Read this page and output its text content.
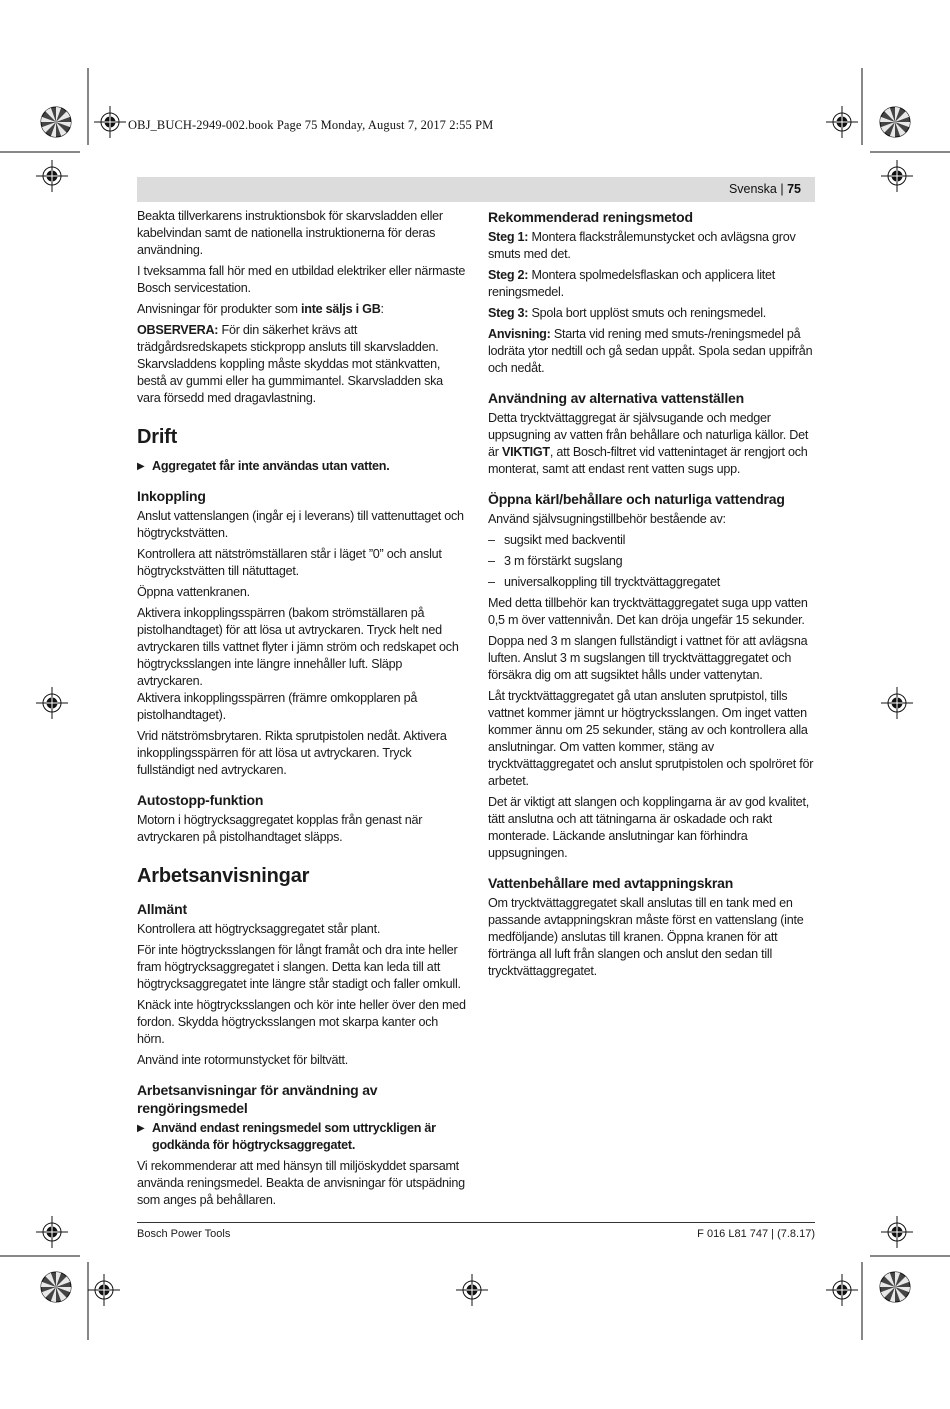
OBJ_BUCH-2949-002.book Page 75 Monday, August 7, 2017 2:55 PM
Svenska | 75

Beakta tillverkarens instruktionsbok för skarvsladden eller kabelvindan samt de nationella instruktionerna för deras användning.

I tveksamma fall hör med en utbildad elektriker eller närmaste Bosch servicestation.

Anvisningar för produkter som inte säljs i GB:

OBSERVERA: För din säkerhet krävs att trädgårdsredskapets stickpropp ansluts till skarvsladden. Skarvsladdens koppling måste skyddas mot stänkvatten, bestå av gummi eller ha gummimantel. Skarvsladden ska vara försedd med dragavlastning.

Drift
▶ Aggregatet får inte användas utan vatten.
Inkoppling

Anslut vattenslangen (ingår ej i leverans) till vattenuttaget och högtryckstvätten.

Kontrollera att nätströmställaren står i läget ”0” och anslut högtryckstvätten till nätuttaget.

Öppna vattenkranen.

Aktivera inkopplingsspärren (bakom strömställaren på pistolhandtaget) för att lösa ut avtryckaren. Tryck helt ned avtryckaren tills vattnet flyter i jämn ström och redskapet och högtrycksslangen inte längre innehåller luft. Släpp avtryckaren.

Aktivera inkopplingsspärren (främre omkopplaren på pistolhandtaget).

Vrid nätströmsbrytaren. Rikta sprutpistolen nedåt. Aktivera inkopplingsspärren för att lösa ut avtryckaren. Tryck fullständigt ned avtryckaren.

Autostopp-funktion

Motorn i högtrycksaggregatet kopplas från genast när avtryckaren på pistolhandtaget släpps.

Arbetsanvisningar
Allmänt

Kontrollera att högtrycksaggregatet står plant.

För inte högtrycksslangen för långt framåt och dra inte heller fram högtrycksaggregatet i slangen. Detta kan leda till att högtrycksaggregatet inte längre står stadigt och faller omkull.

Knäck inte högtrycksslangen och kör inte heller över den med fordon. Skydda högtrycksslangen mot skarpa kanter och hörn.

Använd inte rotormunstycket för biltvätt.

Arbetsanvisningar för användning av rengöringsmedel
▶ Använd endast reningsmedel som uttryckligen är godkända för högtrycksaggregatet.

Vi rekommenderar att med hänsyn till miljöskyddet sparsamt använda reningsmedel. Beakta de anvisningar för utspädning som anges på behållaren.

Rekommenderad reningsmetod

Steg 1: Montera flackstrålemunstycket och avlägsna grov smuts med det.

Steg 2: Montera spolmedelsflaskan och applicera litet reningsmedel.

Steg 3: Spola bort upplöst smuts och reningsmedel.

Anvisning: Starta vid rening med smuts-/reningsmedel på lodräta ytor nedtill och gå sedan uppåt. Spola sedan uppifrån och nedåt.

Användning av alternativa vattenställen

Detta trycktvättaggregat är självsugande och medger uppsugning av vatten från behållare och naturliga källor. Det är VIKTIGT, att Bosch-filtret vid vattenintaget är rengjort och monterat, samt att endast rent vatten sugs upp.

Öppna kärl/behållare och naturliga vattendrag

Använd självsugningstillbehör bestående av:

– sugsikt med backventil
– 3 m förstärkt sugslang
– universalkoppling till trycktvättaggregatet

Med detta tillbehör kan trycktvättaggregatet suga upp vatten 0,5 m över vattennivån. Det kan dröja ungefär 15 sekunder.

Doppa ned 3 m slangen fullständigt i vattnet för att avlägsna luften. Anslut 3 m sugslangen till trycktvättaggregatet och försäkra dig om att sugsiktet hålls under vattenytan.

Låt trycktvättaggregatet gå utan ansluten sprutpistol, tills vattnet kommer jämnt ur högtrycksslangen. Om inget vatten kommer ännu om 25 sekunder, stäng av och kontrollera alla anslutningar. Om vatten kommer, stäng av trycktvättaggregatet och anslut sprutpistolen och spolröret för arbetet.

Det är viktigt att slangen och kopplingarna är av god kvalitet, tätt anslutna och att tätningarna är oskadade och rakt monterade. Läckande anslutningar kan förhindra uppsugningen.

Vattenbehållare med avtappningskran

Om trycktvättaggregatet skall anslutas till en tank med en passande avtappningskran måste först en vattenslang (inte medföljande) anslutas till kranen. Öppna kranen för att förtränga all luft från slangen och anslut den sedan till trycktvättaggregatet.

Bosch Power Tools	F 016 L81 747 | (7.8.17)
